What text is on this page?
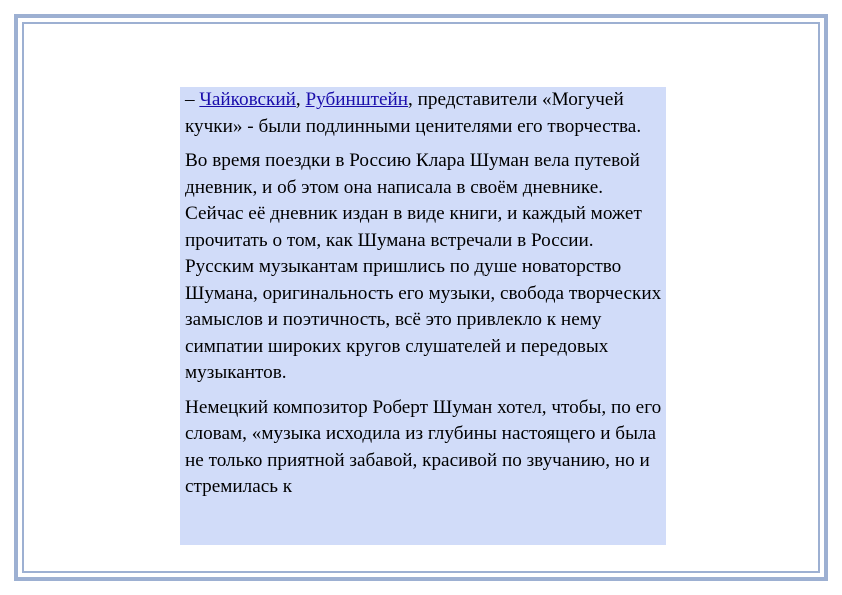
– Чайковский, Рубинштейн, представители «Могучей кучки» - были подлинными ценителями его творчества.

Во время поездки в Россию Клара Шуман вела путевой дневник, и об этом она написала в своём дневнике. Сейчас её дневник издан в виде книги, и каждый может прочитать о том, как Шумана встречали в России. Русским музыкантам пришлись по душе новаторство Шумана, оригинальность его музыки, свобода творческих замыслов и поэтичность, всё это привлекло к нему симпатии широких кругов слушателей и передовых музыкантов.

Немецкий композитор Роберт Шуман хотел, чтобы, по его словам, «музыка исходила из глубины настоящего и была не только приятной забавой, красивой по звучанию, но и стремилась к
